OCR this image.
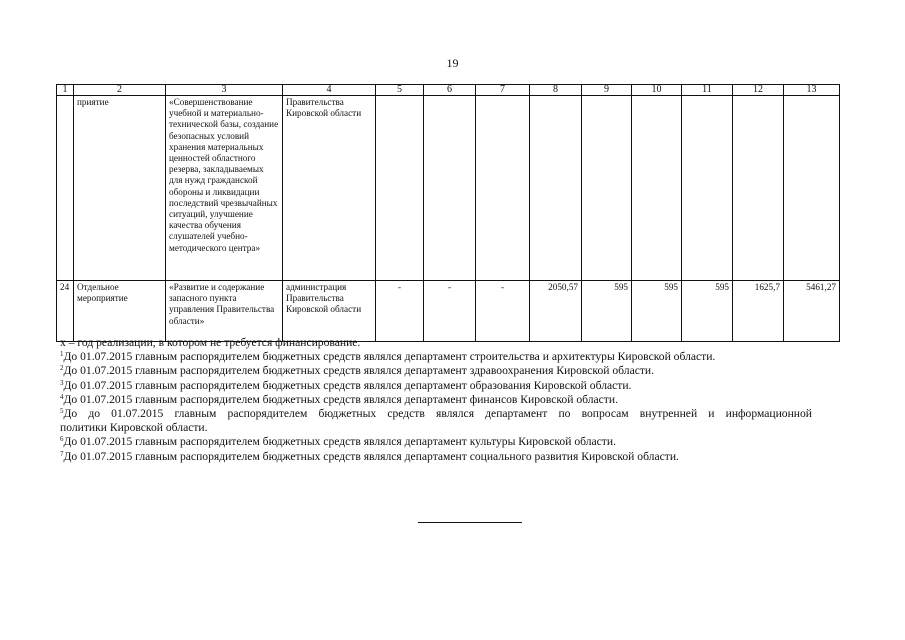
19
1	2	3	4	5	6	7	8	9	10	11	12	13
	приятие	«Совершенствование учебной и материально-технической базы, создание безопасных условий хранения материальных ценностей областного резерва, закладываемых для нужд гражданской обороны и ликвидации последствий чрезвычайных ситуаций, улучшение качества обучения слушателей учебно-методического центра»	Правительства Кировской области									
24	Отдельное мероприятие	«Развитие и содержание запасного пункта управления Правительства области»	администрация Правительства Кировской области	-	-	-	2050,57	595	595	595	1625,7	5461,27

х – год реализации, в котором не требуется финансирование.

$^1$До 01.07.2015 главным распорядителем бюджетных средств являлся департамент строительства и архитектуры Кировской области.

$^2$До 01.07.2015 главным распорядителем бюджетных средств являлся департамент здравоохранения Кировской области.

$^3$До 01.07.2015 главным распорядителем бюджетных средств являлся департамент образования Кировской области.

$^4$До 01.07.2015 главным распорядителем бюджетных средств являлся департамент финансов Кировской области.

$^5$До до 01.07.2015 главным распорядителем бюджетных средств являлся департамент по вопросам внутренней и информационной

политики Кировской области.

$^6$До 01.07.2015 главным распорядителем бюджетных средств являлся департамент культуры Кировской области.

$^7$До 01.07.2015 главным распорядителем бюджетных средств являлся департамент социального развития Кировской области.
